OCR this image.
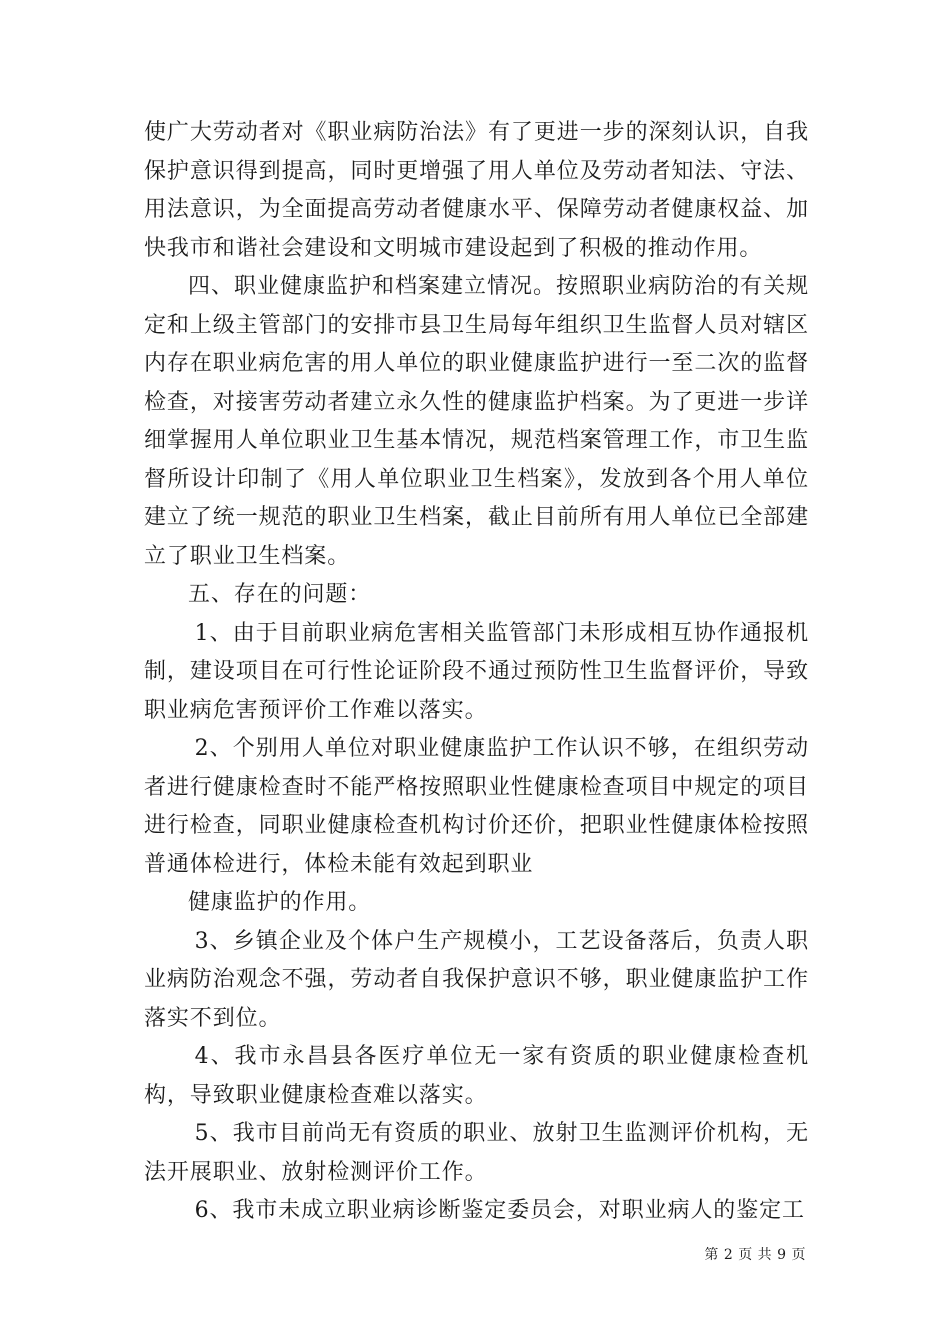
使广大劳动者对《职业病防治法》有了更进一步的深刻认识，自我保护意识得到提高，同时更增强了用人单位及劳动者知法、守法、用法意识，为全面提高劳动者健康水平、保障劳动者健康权益、加快我市和谐社会建设和文明城市建设起到了积极的推动作用。

四、职业健康监护和档案建立情况。按照职业病防治的有关规定和上级主管部门的安排市县卫生局每年组织卫生监督人员对辖区内存在职业病危害的用人单位的职业健康监护进行一至二次的监督检查，对接害劳动者建立永久性的健康监护档案。为了更进一步详细掌握用人单位职业卫生基本情况，规范档案管理工作，市卫生监督所设计印制了《用人单位职业卫生档案》，发放到各个用人单位建立了统一规范的职业卫生档案，截止目前所有用人单位已全部建立了职业卫生档案。

五、存在的问题：

1、由于目前职业病危害相关监管部门未形成相互协作通报机制，建设项目在可行性论证阶段不通过预防性卫生监督评价，导致职业病危害预评价工作难以落实。

2、个别用人单位对职业健康监护工作认识不够，在组织劳动者进行健康检查时不能严格按照职业性健康检查项目中规定的项目进行检查，同职业健康检查机构讨价还价，把职业性健康体检按照普通体检进行，体检未能有效起到职业

健康监护的作用。

3、乡镇企业及个体户生产规模小，工艺设备落后，负责人职业病防治观念不强，劳动者自我保护意识不够，职业健康监护工作落实不到位。

4、我市永昌县各医疗单位无一家有资质的职业健康检查机构，导致职业健康检查难以落实。

5、我市目前尚无有资质的职业、放射卫生监测评价机构，无法开展职业、放射检测评价工作。

6、我市未成立职业病诊断鉴定委员会，对职业病人的鉴定工

第 2 页 共 9 页
